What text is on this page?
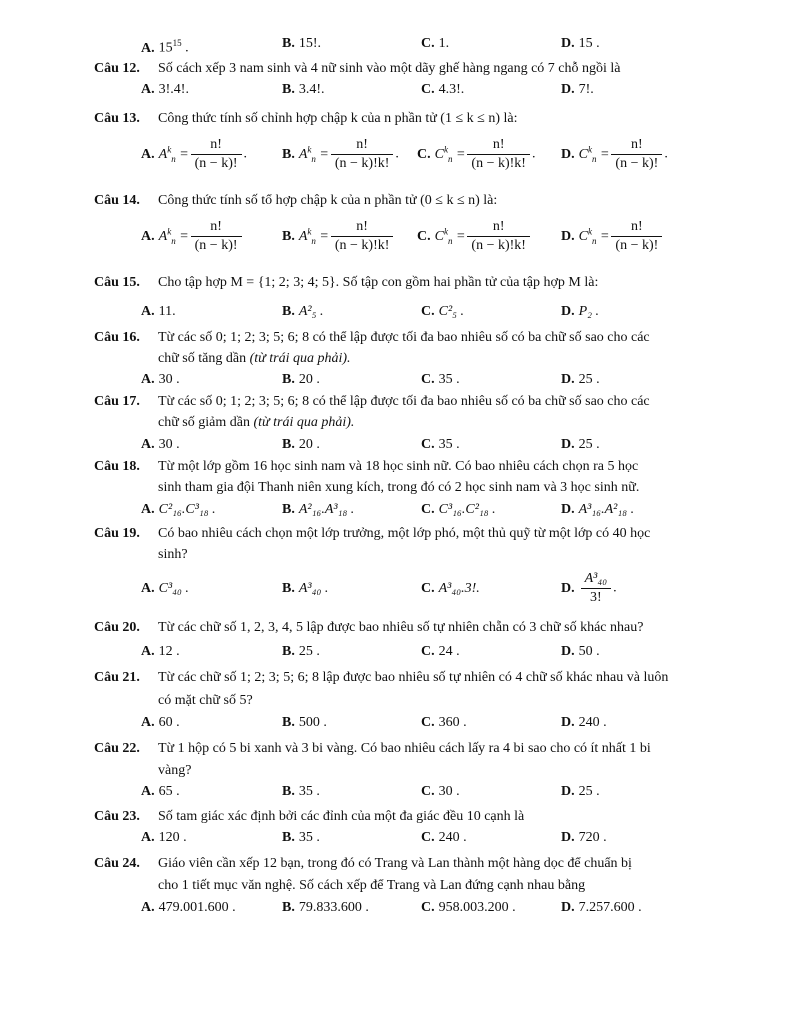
A. $15^{15}$ .	B. 15!.	C. 1.	D. 15 .
Câu 12. Số cách xếp 3 nam sinh và 4 nữ sinh vào một dãy ghế hàng ngang có 7 chỗ ngồi là
A. 3!.4!.	B. 3.4!.	C. 4.3!.	D. 7!.
Câu 13. Công thức tính số chỉnh hợp chập k của n phần tử (1 ≤ k ≤ n) là:
A. $A^k_n = \frac{n!}{(n - k)!}$ . B. $A^k_n = \frac{n!}{(n - k)!k!}$ . C. $C^k_n = \frac{n!}{(n - k)!k!}$ . D. $C^k_n = \frac{n!}{(n - k)!}$ .
Câu 14. Công thức tính số tổ hợp chập k của n phần tử (0 ≤ k ≤ n) là:
A. $A^k_n = \frac{n!}{(n - k)!}$	B. $A^k_n = \frac{n!}{(n - k)!k!} C$. $C^k_n = \frac{n!}{(n - k)!k!} D$. $C^k_n = \frac{n!}{(n - k)!}$
Câu 15. Cho tập hợp M = {1; 2; 3; 4; 5}. Số tập con gồm hai phần tử của tập hợp M là:
A. 11.	B. A²₅ .	C. C²₅ .	D. P₂ .
Câu 16. Từ các số 0; 1; 2; 3; 5; 6; 8 có thể lập được tối đa bao nhiêu số có ba chữ số sao cho các
chữ số tăng dần (từ trái qua phải).
A. 30 .	B. 20 .	C. 35 .	D. 25 .
Câu 17. Từ các số 0; 1; 2; 3; 5; 6; 8 có thể lập được tối đa bao nhiêu số có ba chữ số sao cho các
chữ số giảm dần (từ trái qua phải).
A. 30 .	B. 20 .	C. 35 .	D. 25 .
Câu 18. Từ một lớp gồm 16 học sinh nam và 18 học sinh nữ. Có bao nhiêu cách chọn ra 5 học
sinh tham gia đội Thanh niên xung kích, trong đó có 2 học sinh nam và 3 học sinh nữ.
A. C²₁₆.C³₁₈ .	B. A²₁₆.A³₁₈ .	C. C³₁₆.C²₁₈ .	D. A³₁₆.A²₁₈ .
Câu 19. Có bao nhiêu cách chọn một lớp trưởng, một lớp phó, một thủ quỹ từ một lớp có 40 học
sinh?
A. C³₄₀ .	B. A³₄₀ .	C. A³₄₀.3!.	D. $\frac{\text{A³₄₀}}{3!}$ .
Câu 20. Từ các chữ số 1, 2, 3, 4, 5 lập được bao nhiêu số tự nhiên chẵn có 3 chữ số khác nhau?
A. 12 .	B. 25 .	C. 24 .	D. 50 .
Câu 21. Từ các chữ số 1; 2; 3; 5; 6; 8 lập được bao nhiêu số tự nhiên có 4 chữ số khác nhau và luôn
có mặt chữ số 5?
A. 60 .	B. 500 .	C. 360 .	D. 240 .
Câu 22. Từ 1 hộp có 5 bi xanh và 3 bi vàng. Có bao nhiêu cách lấy ra 4 bi sao cho có ít nhất 1 bi
vàng?
A. 65 .	B. 35 .	C. 30 .	D. 25 .
Câu 23. Số tam giác xác định bởi các đỉnh của một đa giác đều 10 cạnh là
A. 120 .	B. 35 .	C. 240 .	D. 720 .
Câu 24. Giáo viên cần xếp 12 bạn, trong đó có Trang và Lan thành một hàng dọc để chuẩn bị
cho 1 tiết mục văn nghệ. Số cách xếp để Trang và Lan đứng cạnh nhau bằng
A. 479.001.600 .	B. 79.833.600 .	C. 958.003.200 .	D. 7.257.600 .
